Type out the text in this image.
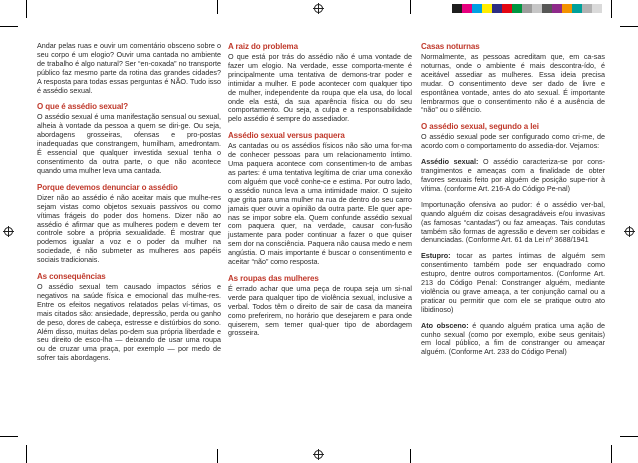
Andar pelas ruas e ouvir um comentário obsceno sobre o seu corpo é um elogio? Ouvir uma cantada no ambiente de trabalho é algo natural? Ser “en-coxada” no transporte público faz mesmo parte da rotina das grandes cidades? A resposta para todas essas perguntas é NÃO. Tudo isso é assédio sexual.

O que é assédio sexual?

O assédio sexual é uma manifestação sensual ou sexual, alheia à vontade da pessoa a quem se diri-ge. Ou seja, abordagens grosseiras, ofensas e pro-postas inadequadas que constrangem, humilham, amedrontam. É essencial que qualquer investida sexual tenha o consentimento da outra parte, o que não acontece quando uma mulher leva uma cantada.

Porque devemos denunciar o assédio

Dizer não ao assédio é não aceitar mais que mulhe-res sejam vistas como objetos sexuais passivos ou como vítimas frágeis do poder dos homens. Dizer não ao assédio é afirmar que as mulheres podem e devem ter controle sobre a própria sexualidade. É mostrar que podemos igualar a voz e o poder da mulher na sociedade, é não submeter as mulheres aos papéis sociais tradicionais.

As consequências

O assédio sexual tem causado impactos sérios e negativos na saúde física e emocional das mulhe-res. Entre os efeitos negativos relatados pelas ví-timas, os mais citados são: ansiedade, depressão, perda ou ganho de peso, dores de cabeça, estresse e distúrbios do sono. Além disso, muitas delas po-dem sua própria liberdade e seu direito de esco-lha — deixando de usar uma roupa ou de cruzar uma praça, por exemplo — por medo de sofrer tais abordagens.

A raiz do problema

O que está por trás do assédio não é uma vontade de fazer um elogio. Na verdade, esse comporta-mente é principalmente uma tentativa de demons-trar poder e intimidar a mulher. E pode acontecer com qualquer tipo de mulher, independente da roupa que ela usa, do local onde ela está, da sua aparência física ou do seu comportamento. Ou seja, a culpa e a responsabilidade pelo assédio é sempre do assediador.

Assédio sexual versus paquera

As cantadas ou os assédios físicos não são uma for-ma de conhecer pessoas para um relacionamento íntimo. Uma paquera acontece com consentimen-to de ambas as partes: é uma tentativa legítima de criar uma conexão com alguém que você conhe-ce e estima. Por outro lado, o assédio nunca leva a uma intimidade maior. O sujeito que grita para uma mulher na rua de dentro do seu carro jamais quer ouvir a opinião da outra parte. Ele quer ape-nas se impor sobre ela. Quem confunde assédio sexual com paquera quer, na verdade, causar con-fusão justamente para poder continuar a fazer o que quiser sem dor na consciência. Paquera não causa medo e nem angústia. O mais importante é buscar o consentimento e aceitar “não” como resposta.

As roupas das mulheres

É errado achar que uma peça de roupa seja um si-nal verde para qualquer tipo de violência sexual, inclusive a verbal. Todos têm o direito de sair de casa da maneira como preferirem, no horário que desejarem e para onde quiserem, sem temer qual-quer tipo de abordagem grosseira.

Casas noturnas

Normalmente, as pessoas acreditam que, em ca-sas noturnas, onde o ambiente é mais descontra-ído, é aceitável assediar as mulheres. Essa ideia precisa mudar. O consentimento deve ser dado de livre e espontânea vontade, antes do ato sexual. É importante lembrarmos que o consentimento não é a ausência de “não” ou o silêncio.

O assédio sexual, segundo a lei

O assédio sexual pode ser configurado como cri-me, de acordo com o comportamento do assedia-dor. Vejamos:

Assédio sexual: O assédio caracteriza-se por cons-trangimentos e ameaças com a finalidade de obter favores sexuais feito por alguém de posição supe-rior à vítima. (conforme Art. 216-A do Código Pe-nal)

Importunação ofensiva ao pudor: é o assédio ver-bal, quando alguém diz coisas desagradáveis e/ou invasivas (as famosas “cantadas”) ou faz ameaças. Tais condutas também são formas de agressão e devem ser coibidas e denunciadas. (Conforme Art. 61 da Lei nº 3688/1941

Estupro: tocar as partes íntimas de alguém sem consentimento também pode ser enquadrado como estupro, dentre outros comportamentos. (Conforme Art. 213 do Código Penal: Constranger alguém, mediante violência ou grave ameaça, a ter conjunção carnal ou a praticar ou permitir que com ele se pratique outro ato libidinoso)

Ato obsceno: é quando alguém pratica uma ação de cunho sexual (como por exemplo, exibe seus genitais) em local público, a fim de constranger ou ameaçar alguém. (Conforme Art. 233 do Código Penal)
